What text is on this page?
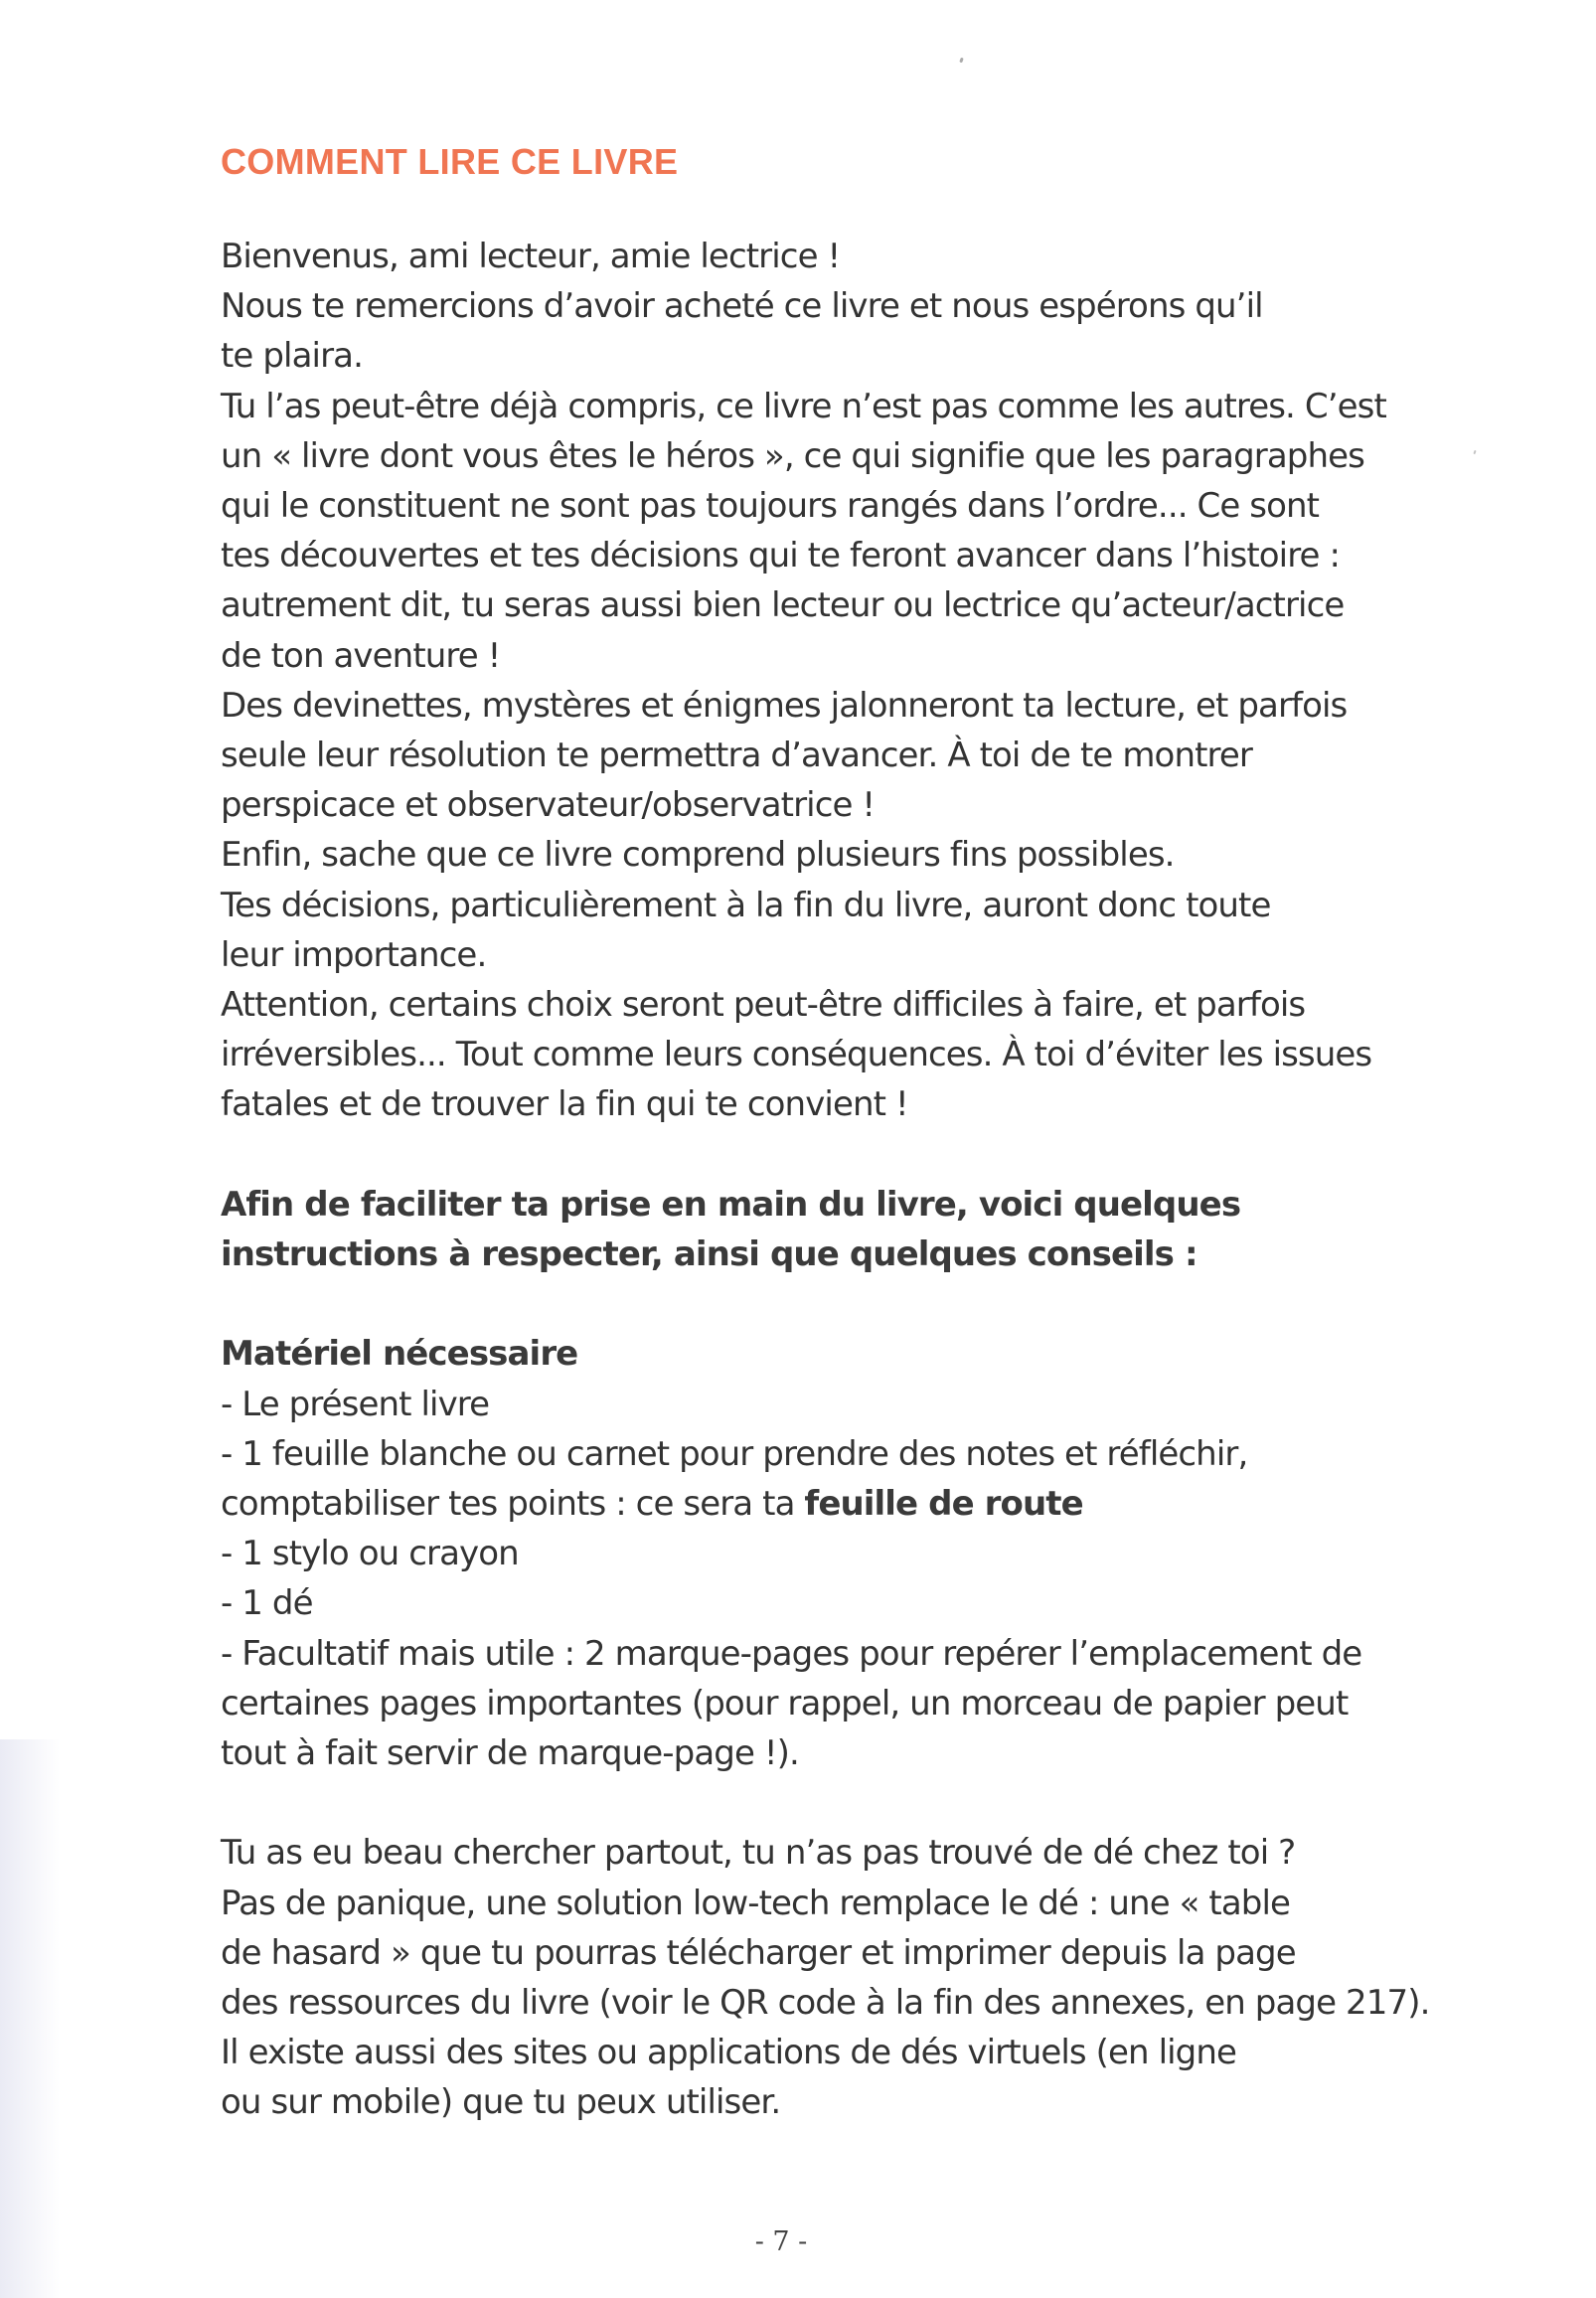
COMMENT LIRE CE LIVRE
Bienvenus, ami lecteur, amie lectrice !
Nous te remercions d’avoir acheté ce livre et nous espérons qu’il
te plaira.
Tu l’as peut-être déjà compris, ce livre n’est pas comme les autres. C’est
un « livre dont vous êtes le héros », ce qui signifie que les paragraphes
qui le constituent ne sont pas toujours rangés dans l’ordre... Ce sont
tes découvertes et tes décisions qui te feront avancer dans l’histoire :
autrement dit, tu seras aussi bien lecteur ou lectrice qu’acteur/actrice
de ton aventure !
Des devinettes, mystères et énigmes jalonneront ta lecture, et parfois
seule leur résolution te permettra d’avancer. À toi de te montrer
perspicace et observateur/observatrice !
Enfin, sache que ce livre comprend plusieurs fins possibles.
Tes décisions, particulièrement à la fin du livre, auront donc toute
leur importance.
Attention, certains choix seront peut-être difficiles à faire, et parfois
irréversibles... Tout comme leurs conséquences. À toi d’éviter les issues
fatales et de trouver la fin qui te convient !
Afin de faciliter ta prise en main du livre, voici quelques
instructions à respecter, ainsi que quelques conseils :
Matériel nécessaire
- Le présent livre
- 1 feuille blanche ou carnet pour prendre des notes et réfléchir,
comptabiliser tes points : ce sera ta feuille de route
- 1 stylo ou crayon
- 1 dé
- Facultatif mais utile : 2 marque-pages pour repérer l’emplacement de
certaines pages importantes (pour rappel, un morceau de papier peut
tout à fait servir de marque-page !).
Tu as eu beau chercher partout, tu n’as pas trouvé de dé chez toi ?
Pas de panique, une solution low-tech remplace le dé : une « table
de hasard » que tu pourras télécharger et imprimer depuis la page
des ressources du livre (voir le QR code à la fin des annexes, en page 217).
Il existe aussi des sites ou applications de dés virtuels (en ligne
ou sur mobile) que tu peux utiliser.
- 7 -
